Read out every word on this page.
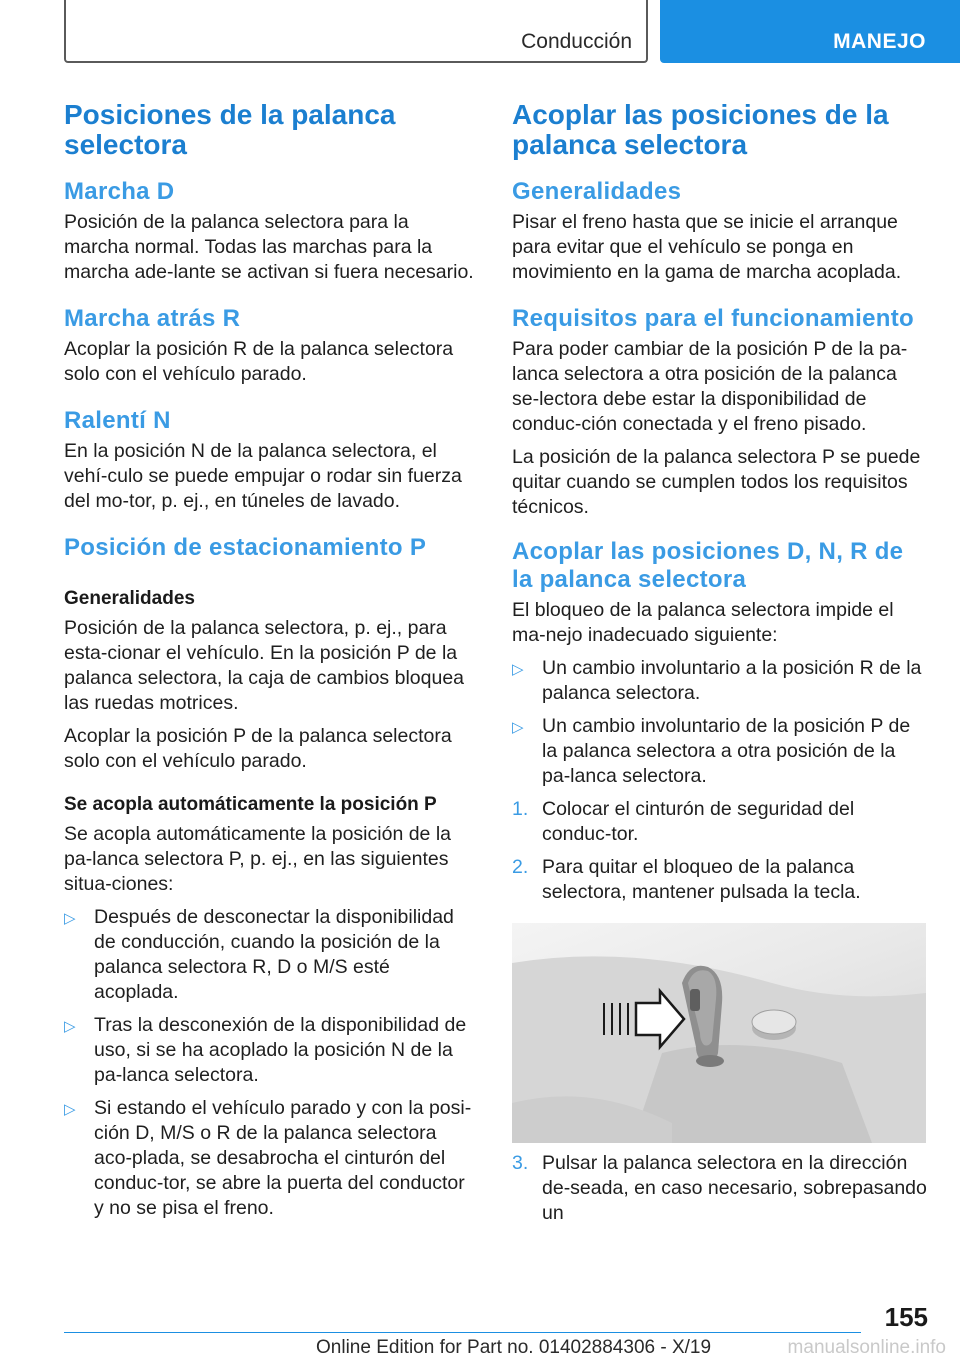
Conducción	MANEJO
Posiciones de la palanca selectora
Marcha D

Posición de la palanca selectora para la marcha normal. Todas las marchas para la marcha ade-lante se activan si fuera necesario.

Marcha atrás R

Acoplar la posición R de la palanca selectora solo con el vehículo parado.

Ralentí N

En la posición N de la palanca selectora, el vehí-culo se puede empujar o rodar sin fuerza del mo-tor, p. ej., en túneles de lavado.

Posición de estacionamiento P
Generalidades

Posición de la palanca selectora, p. ej., para esta-cionar el vehículo. En la posición P de la palanca selectora, la caja de cambios bloquea las ruedas motrices.

Acoplar la posición P de la palanca selectora solo con el vehículo parado.

Se acopla automáticamente la posición P

Se acopla automáticamente la posición de la pa-lanca selectora P, p. ej., en las siguientes situa-ciones:

▷ Después de desconectar la disponibilidad de conducción, cuando la posición de la palanca selectora R, D o M/S esté acoplada.
▷ Tras la desconexión de la disponibilidad de uso, si se ha acoplado la posición N de la pa-lanca selectora.
▷ Si estando el vehículo parado y con la posi-ción D, M/S o R de la palanca selectora aco-plada, se desabrocha el cinturón del conduc-tor, se abre la puerta del conductor y no se pisa el freno.
Acoplar las posiciones de la palanca selectora
Generalidades

Pisar el freno hasta que se inicie el arranque para evitar que el vehículo se ponga en movimiento en la gama de marcha acoplada.

Requisitos para el funcionamiento

Para poder cambiar de la posición P de la pa-lanca selectora a otra posición de la palanca se-lectora debe estar la disponibilidad de conduc-ción conectada y el freno pisado.

La posición de la palanca selectora P se puede quitar cuando se cumplen todos los requisitos técnicos.

Acoplar las posiciones D, N, R de la palanca selectora

El bloqueo de la palanca selectora impide el ma-nejo inadecuado siguiente:

▷ Un cambio involuntario a la posición R de la palanca selectora.
▷ Un cambio involuntario de la posición P de la palanca selectora a otra posición de la pa-lanca selectora.
1. Colocar el cinturón de seguridad del conduc-tor.
2. Para quitar el bloqueo de la palanca selectora, mantener pulsada la tecla.
3. Pulsar la palanca selectora en la dirección de-seada, en caso necesario, sobrepasando un
155
Online Edition for Part no. 01402884306 - X/19	manualsonline.info
